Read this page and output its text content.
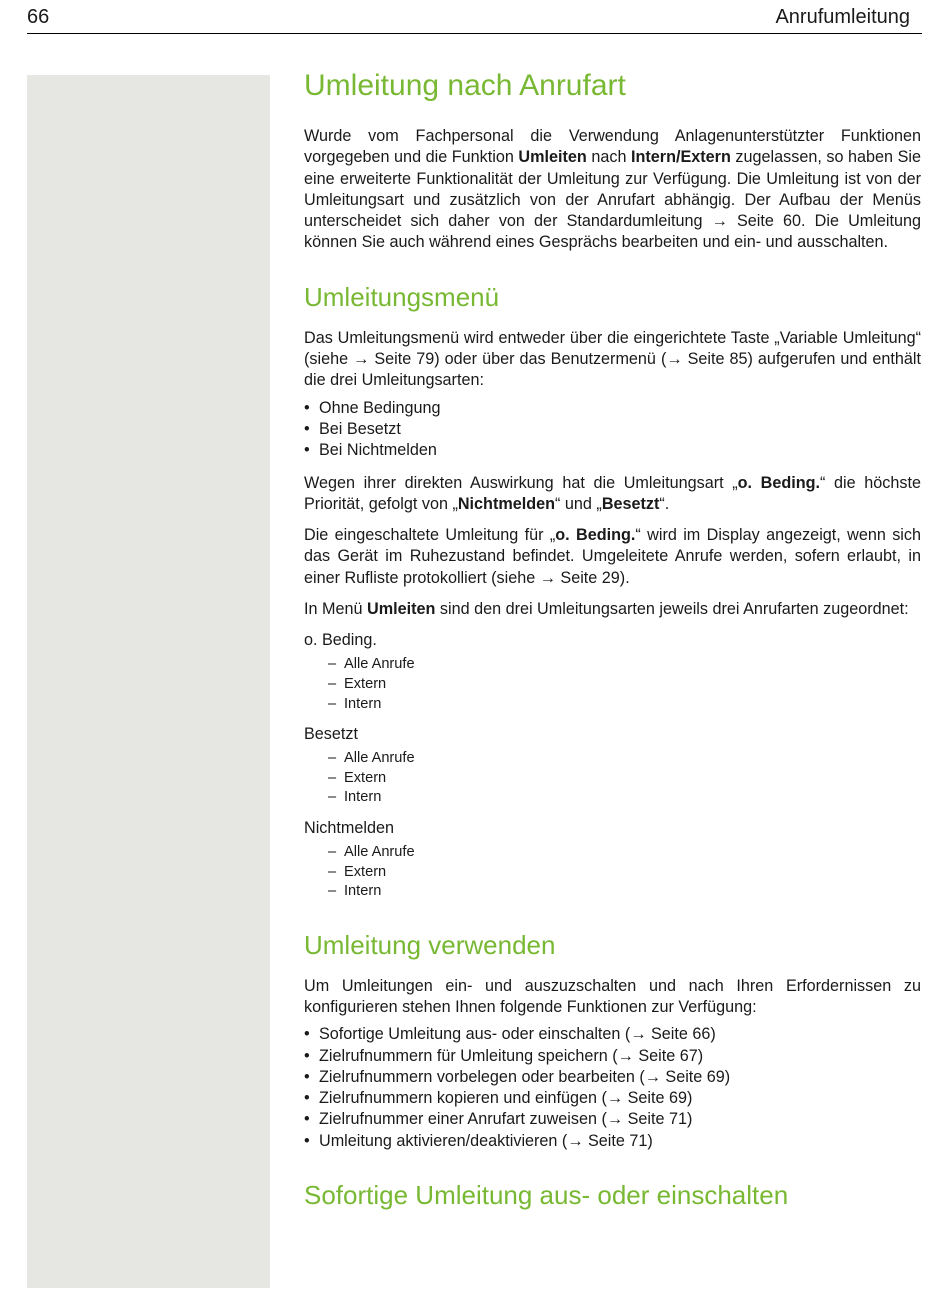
66	Anrufumleitung
Umleitung nach Anrufart

Wurde vom Fachpersonal die Verwendung Anlagenunterstützter Funktionen vorgegeben und die Funktion Umleiten nach Intern/Extern zugelassen, so haben Sie eine erweiterte Funktionalität der Umleitung zur Verfügung. Die Umleitung ist von der Umleitungsart und zusätzlich von der Anrufart abhängig. Der Aufbau der Menüs unterscheidet sich daher von der Standardumleitung → Seite 60. Die Umleitung können Sie auch während eines Gesprächs bearbeiten und ein- und ausschalten.

Umleitungsmenü

Das Umleitungsmenü wird entweder über die eingerichtete Taste „Variable Umleitung“ (siehe → Seite 79) oder über das Benutzermenü (→ Seite 85) aufgerufen und enthält die drei Umleitungsarten:

• Ohne Bedingung
• Bei Besetzt
• Bei Nichtmelden

Wegen ihrer direkten Auswirkung hat die Umleitungsart „o. Beding.“ die höchste Priorität, gefolgt von „Nichtmelden“ und „Besetzt“.

Die eingeschaltete Umleitung für „o. Beding.“ wird im Display angezeigt, wenn sich das Gerät im Ruhezustand befindet. Umgeleitete Anrufe werden, sofern erlaubt, in einer Rufliste protokolliert (siehe → Seite 29).

In Menü Umleiten sind den drei Umleitungsarten jeweils drei Anrufarten zugeordnet:

o. Beding.
– Alle Anrufe
– Extern
– Intern
Besetzt
– Alle Anrufe
– Extern
– Intern
Nichtmelden
– Alle Anrufe
– Extern
– Intern
Umleitung verwenden

Um Umleitungen ein- und auszuzschalten und nach Ihren Erfordernissen zu konfigurieren stehen Ihnen folgende Funktionen zur Verfügung:

• Sofortige Umleitung aus- oder einschalten (→ Seite 66)
• Zielrufnummern für Umleitung speichern (→ Seite 67)
• Zielrufnummern vorbelegen oder bearbeiten (→ Seite 69)
• Zielrufnummern kopieren und einfügen (→ Seite 69)
• Zielrufnummer einer Anrufart zuweisen (→ Seite 71)
• Umleitung aktivieren/deaktivieren (→ Seite 71)
Sofortige Umleitung aus- oder einschalten
